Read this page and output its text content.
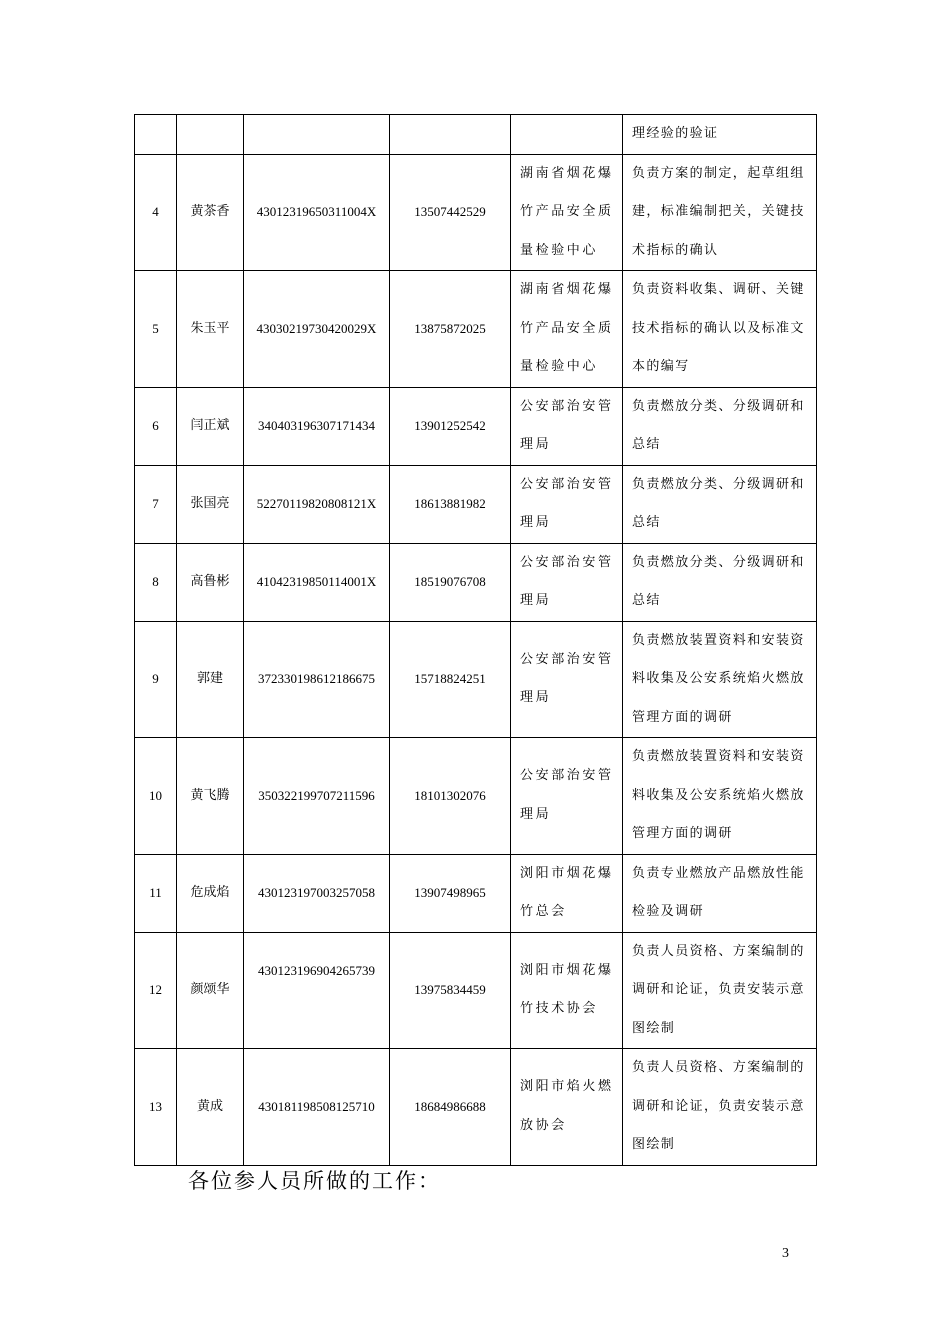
					理经验的验证
4	黄茶香	43012319650311004X	13507442529	湖南省烟花爆竹产品安全质量检验中心	负责方案的制定，起草组组建，标准编制把关，关键技术指标的确认
5	朱玉平	43030219730420029X	13875872025	湖南省烟花爆竹产品安全质量检验中心	负责资料收集、调研、关键技术指标的确认以及标准文本的编写
6	闫正斌	340403196307171434	13901252542	公安部治安管理局	负责燃放分类、分级调研和总结
7	张国亮	52270119820808121X	18613881982	公安部治安管理局	负责燃放分类、分级调研和总结
8	高鲁彬	41042319850114001X	18519076708	公安部治安管理局	负责燃放分类、分级调研和总结
9	郭建	372330198612186675	15718824251	公安部治安管理局	负责燃放装置资料和安装资料收集及公安系统焰火燃放管理方面的调研
10	黄飞腾	350322199707211596	18101302076	公安部治安管理局	负责燃放装置资料和安装资料收集及公安系统焰火燃放管理方面的调研
11	危成焰	430123197003257058	13907498965	浏阳市烟花爆竹总会	负责专业燃放产品燃放性能检验及调研
12	颜颂华	430123196904265739	13975834459	浏阳市烟花爆竹技术协会	负责人员资格、方案编制的调研和论证，负责安装示意图绘制
13	黄成	430181198508125710	18684986688	浏阳市焰火燃放协会	负责人员资格、方案编制的调研和论证，负责安装示意图绘制
各位参人员所做的工作：
3
